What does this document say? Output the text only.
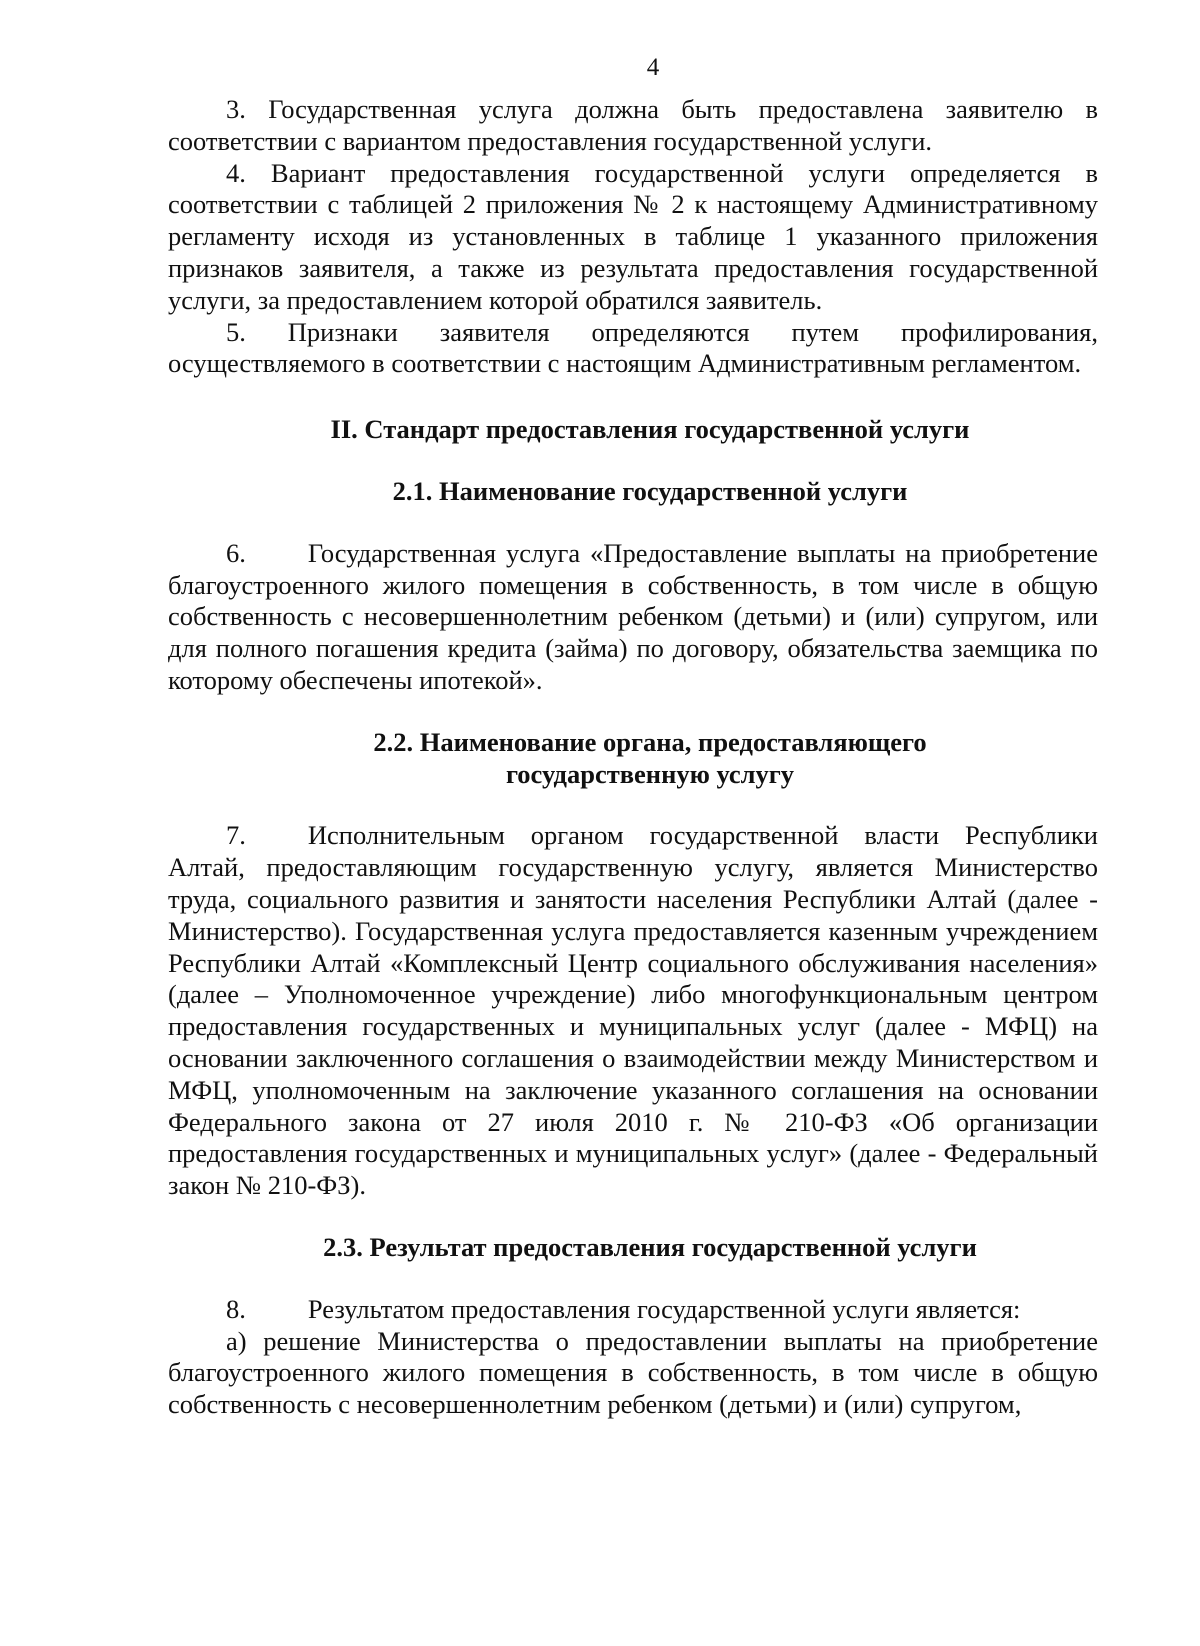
4

3. Государственная услуга должна быть предоставлена заявителю в соответствии с вариантом предоставления государственной услуги.

4. Вариант предоставления государственной услуги определяется в соответствии с таблицей 2 приложения № 2 к настоящему Административному регламенту исходя из установленных в таблице 1 указанного приложения признаков заявителя, а также из результата предоставления государственной услуги, за предоставлением которой обратился заявитель.

5. Признаки заявителя определяются путем профилирования, осуществляемого в соответствии с настоящим Административным регламентом.

II. Стандарт предоставления государственной услуги
2.1. Наименование государственной услуги

6. Государственная услуга «Предоставление выплаты на приобретение благоустроенного жилого помещения в собственность, в том числе в общую собственность с несовершеннолетним ребенком (детьми) и (или) супругом, или для полного погашения кредита (займа) по договору, обязательства заемщика по которому обеспечены ипотекой».

2.2. Наименование органа, предоставляющего
государственную услугу

7. Исполнительным органом государственной власти Республики Алтай, предоставляющим государственную услугу, является Министерство труда, социального развития и занятости населения Республики Алтай (далее - Министерство). Государственная услуга предоставляется казенным учреждением Республики Алтай «Комплексный Центр социального обслуживания населения» (далее – Уполномоченное учреждение) либо многофункциональным центром предоставления государственных и муниципальных услуг (далее - МФЦ) на основании заключенного соглашения о взаимодействии между Министерством и МФЦ, уполномоченным на заключение указанного соглашения на основании Федерального закона от 27 июля 2010 г. № 210-ФЗ «Об организации предоставления государственных и муниципальных услуг» (далее - Федеральный закон № 210-ФЗ).

2.3. Результат предоставления государственной услуги

8. Результатом предоставления государственной услуги является:

а) решение Министерства о предоставлении выплаты на приобретение благоустроенного жилого помещения в собственность, в том числе в общую собственность с несовершеннолетним ребенком (детьми) и (или) супругом,
